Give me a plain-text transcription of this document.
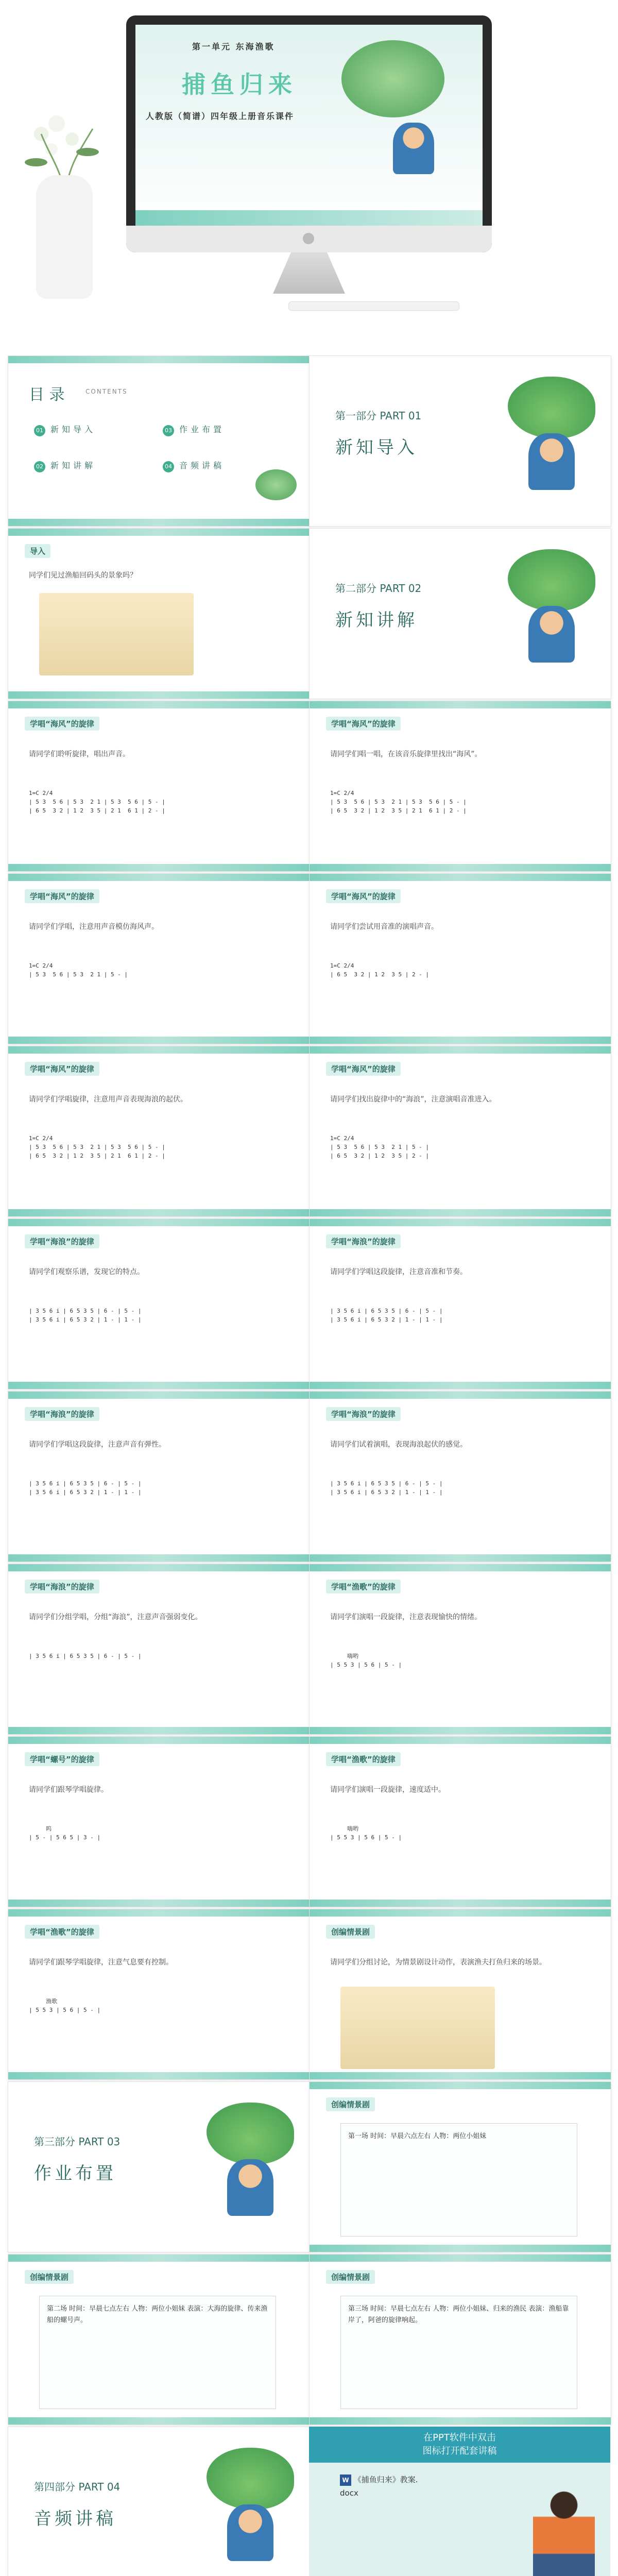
第一单元 东海渔歌
捕鱼归来
人教版（简谱）四年级上册音乐课件
目 录	CONTENTS
01 新知导入	03 作业布置
02 新知讲解	04 音频讲稿
第一部分 PART 01
新知导入
导入
同学们见过渔船回码头的景象吗？
第二部分 PART 02
新知讲解
学唱“海风”的旋律
请同学们聆听旋律，唱出声音。
1=C 2/4
| 5 3  5 6 | 5 3  2 1 | 5 3  5 6 | 5 - |
| 6 5  3 2 | 1 2  3 5 | 2 1  6 1 | 2 - |
学唱“海风”的旋律
请同学们唱一唱，在该音乐旋律里找出“海风”。
1=C 2/4
| 5 3  5 6 | 5 3  2 1 | 5 3  5 6 | 5 - |
| 6 5  3 2 | 1 2  3 5 | 2 1  6 1 | 2 - |
学唱“海风”的旋律
请同学们学唱，注意用声音模仿海风声。
1=C 2/4
| 5 3  5 6 | 5 3  2 1 | 5 - |
学唱“海风”的旋律
请同学们尝试用音准的演唱声音。
1=C 2/4
| 6 5  3 2 | 1 2  3 5 | 2 - |
学唱“海风”的旋律
请同学们学唱旋律，注意用声音表现海浪的起伏。
1=C 2/4
| 5 3  5 6 | 5 3  2 1 | 5 3  5 6 | 5 - |
| 6 5  3 2 | 1 2  3 5 | 2 1  6 1 | 2 - |
学唱“海风”的旋律
请同学们找出旋律中的“海浪”，注意演唱音准进入。
1=C 2/4
| 5 3  5 6 | 5 3  2 1 | 5 - |
| 6 5  3 2 | 1 2  3 5 | 2 - |
学唱“海浪”的旋律
请同学们观察乐谱，发现它的特点。
| 3 5 6 i | 6 5 3 5 | 6 - | 5 - |
| 3 5 6 i | 6 5 3 2 | 1 - | 1 - |
学唱“海浪”的旋律
请同学们学唱这段旋律，注意音准和节奏。
| 3 5 6 i | 6 5 3 5 | 6 - | 5 - |
| 3 5 6 i | 6 5 3 2 | 1 - | 1 - |
学唱“海浪”的旋律
请同学们学唱这段旋律，注意声音有弹性。
| 3 5 6 i | 6 5 3 5 | 6 - | 5 - |
| 3 5 6 i | 6 5 3 2 | 1 - | 1 - |
学唱“海浪”的旋律
请同学们试着演唱，表现海浪起伏的感觉。
| 3 5 6 i | 6 5 3 5 | 6 - | 5 - |
| 3 5 6 i | 6 5 3 2 | 1 - | 1 - |
学唱“海浪”的旋律
请同学们分组学唱，分组“海浪”，注意声音强弱变化。
| 3 5 6 i | 6 5 3 5 | 6 - | 5 - |
学唱“渔歌”的旋律
请同学们演唱一段旋律，注意表现愉快的情绪。
嗨哟
| 5 5 3 | 5 6 | 5 - |
学唱“螺号”的旋律
请同学们跟琴学唱旋律。
呜
| 5 - | 5 6 5 | 3 - |
学唱“渔歌”的旋律
请同学们演唱一段旋律，速度适中。
嗨哟
| 5 5 3 | 5 6 | 5 - |
学唱“渔歌”的旋律
请同学们跟琴学唱旋律，注意气息要有控制。
渔歌
| 5 5 3 | 5 6 | 5 - |
创编情景剧
请同学们分组讨论，为情景剧设计动作，表演渔夫打鱼归来的场景。
第三部分 PART 03
作业布置
创编情景剧
第一场 时间：早晨六点左右 人物：两位小姐妹
创编情景剧
第二场 时间：早晨七点左右 人物：两位小姐妹 表演：大海的旋律、传来渔船的螺号声。
创编情景剧
第三场 时间：早晨七点左右 人物：两位小姐妹、归来的渔民 表演：渔船靠岸了，阿爸的旋律响起。
第四部分 PART 04
音频讲稿
在PPT软件中双击
图标打开配套讲稿
W 《捕鱼归来》教案.
docx
